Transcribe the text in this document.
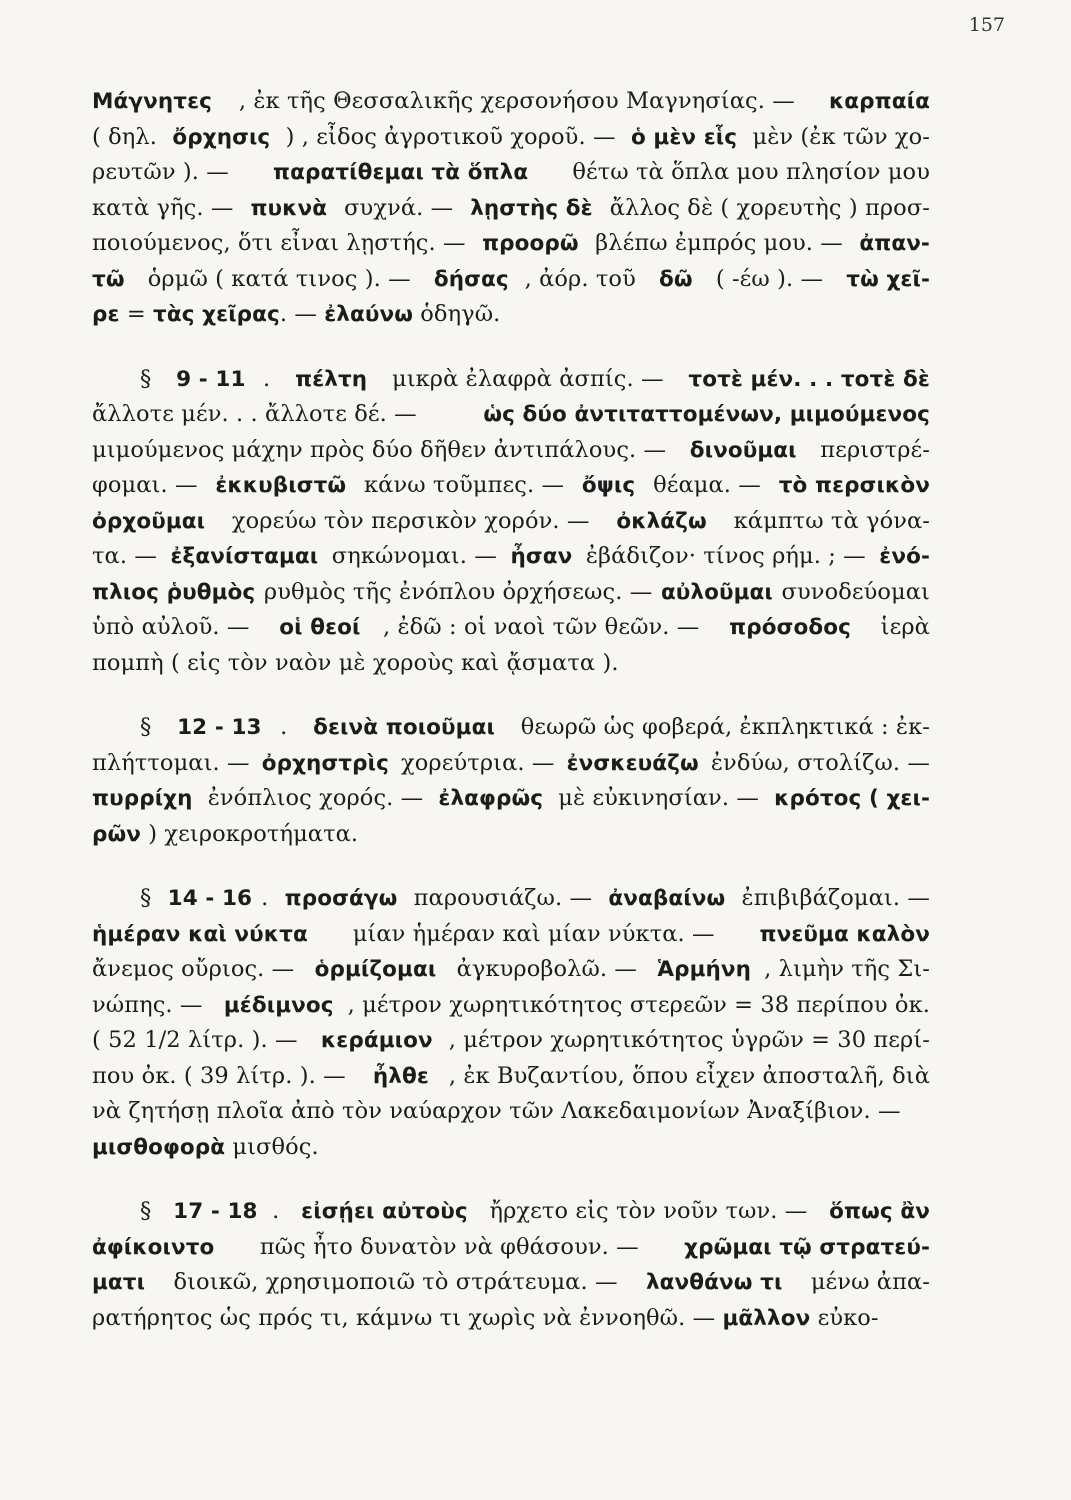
157
Μάγνητες , ἐκ τῆς Θεσσαλικῆς χερσονήσου Μαγνησίας. — καρπαία
( δηλ. ὄρχησις ) , εἶδος ἀγροτικοῦ χοροῦ. — ὁ μὲν εἷς μὲν (ἐκ τῶν χο-
ρευτῶν ). — παρατίθεμαι τὰ ὅπλα θέτω τὰ ὅπλα μου πλησίον μου
κατὰ γῆς. — πυκνὰ συχνά. — λῃστὴς δὲ ἄλλος δὲ ( χορευτὴς ) προσ-
ποιούμενος, ὅτι εἶναι λῃστής. — προορῶ βλέπω ἐμπρός μου. — ἀπαν-
τῶ ὁρμῶ ( κατά τινος ). — δήσας , ἀόρ. τοῦ δῶ ( -έω ). — τὼ χεῖ-
ρε = τὰς χεῖρας . — ἐλαύνω ὁδηγῶ.
§ 9 - 11 . πέλτη μικρὰ ἐλαφρὰ ἀσπίς. — τοτὲ μέν. . . τοτὲ δὲ
ἄλλοτε μέν. . . ἄλλοτε δέ. —	ὡς δύο ἀντιταττομένων, μιμούμενος
μιμούμενος μάχην πρὸς δύο δῆθεν ἀντιπάλους. — δινοῦμαι περιστρέ-
φομαι. — ἐκκυβιστῶ κάνω τοῦμπες. — ὄψις θέαμα. — τὸ περσικὸν
ὀρχοῦμαι χορεύω τὸν περσικὸν χορόν. — ὀκλάζω κάμπτω τὰ γόνα-
τα. — ἐξανίσταμαι σηκώνομαι. — ἦσαν ἐβάδιζον· τίνος ρήμ. ; — ἐνό-
πλιος ῥυθμὸς ρυθμὸς τῆς ἐνόπλου ὀρχήσεως. — αὐλοῦμαι συνοδεύομαι
ὑπὸ αὐλοῦ. — οἱ θεοί , ἐδῶ : οἱ ναοὶ τῶν θεῶν. — πρόσοδος ἱερὰ
πομπὴ ( εἰς τὸν ναὸν μὲ χοροὺς καὶ ᾄσματα ).
§ 12 - 13 . δεινὰ ποιοῦμαι θεωρῶ ὡς φοβερά, ἐκπληκτικά : ἐκ-
πλήττομαι. — ὀρχηστρὶς χορεύτρια. — ἐνσκευάζω ἐνδύω, στολίζω. —
πυρρίχη ἐνόπλιος χορός. — ἐλαφρῶς μὲ εὐκινησίαν. — κρότος ( χει-
ρῶν ) χειροκροτήματα.
§ 14 - 16 . προσάγω παρουσιάζω. — ἀναβαίνω ἐπιβιβάζομαι. —
ἡμέραν καὶ νύκτα μίαν ἡμέραν καὶ μίαν νύκτα. — πνεῦμα καλὸν
ἄνεμος οὔριος. — ὁρμίζομαι ἀγκυροβολῶ. — Ἁρμήνη , λιμὴν τῆς Σι-
νώπης. — μέδιμνος , μέτρον χωρητικότητος στερεῶν = 38 περίπου ὀκ.
( 52 1/2 λίτρ. ). — κεράμιον , μέτρον χωρητικότητος ὑγρῶν = 30 περί-
που ὀκ. ( 39 λίτρ. ). — ἦλθε , ἐκ Βυζαντίου, ὅπου εἶχεν ἀποσταλῆ, διὰ
νὰ ζητήσῃ πλοῖα ἀπὸ τὸν ναύαρχον τῶν Λακεδαιμονίων Ἀναξίβιον. —
μισθοφορὰ μισθός.
§ 17 - 18 . εἰσῄει αὐτοὺς ἤρχετο εἰς τὸν νοῦν των. — ὅπως ἂν
ἀφίκοιντο πῶς ἦτο δυνατὸν νὰ φθάσουν. — χρῶμαι τῷ στρατεύ-
ματι διοικῶ, χρησιμοποιῶ τὸ στράτευμα. — λανθάνω τι μένω ἀπα-
ρατήρητος ὡς πρός τι, κάμνω τι χωρὶς νὰ ἐννοηθῶ. — μᾶλλον εὐκο-
